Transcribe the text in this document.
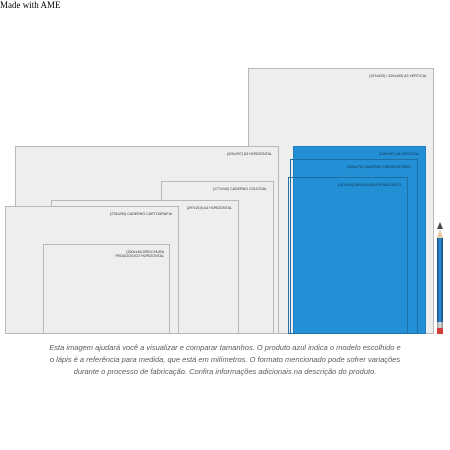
Made with AME
(297x420) / 320x440) A3 VERTICAL
(420x297) A3 HORIZONTAL	(210x297) A4 VERTICAL
(200x275) CADERNO UNIVERSITÁRIO
(187x245) BROCHURA PEDAGÓGICO
(177x240) CADERNO COLEGIAL
(297x210) A4 HORIZONTAL
(275x200) CADERNO CARTOGRAFIA
(200x140) BROCHURA PEDAGÓGICO HORIZONTAL
Esta imagem ajudará você a visualizar e comparar tamanhos. O produto azul indica o modelo escolhido e
o lápis é a referência para medida, que está em milímetros. O formato mencionado pode sofrer variações
durante o processo de fabricação. Confira informações adicionais na descrição do produto.
